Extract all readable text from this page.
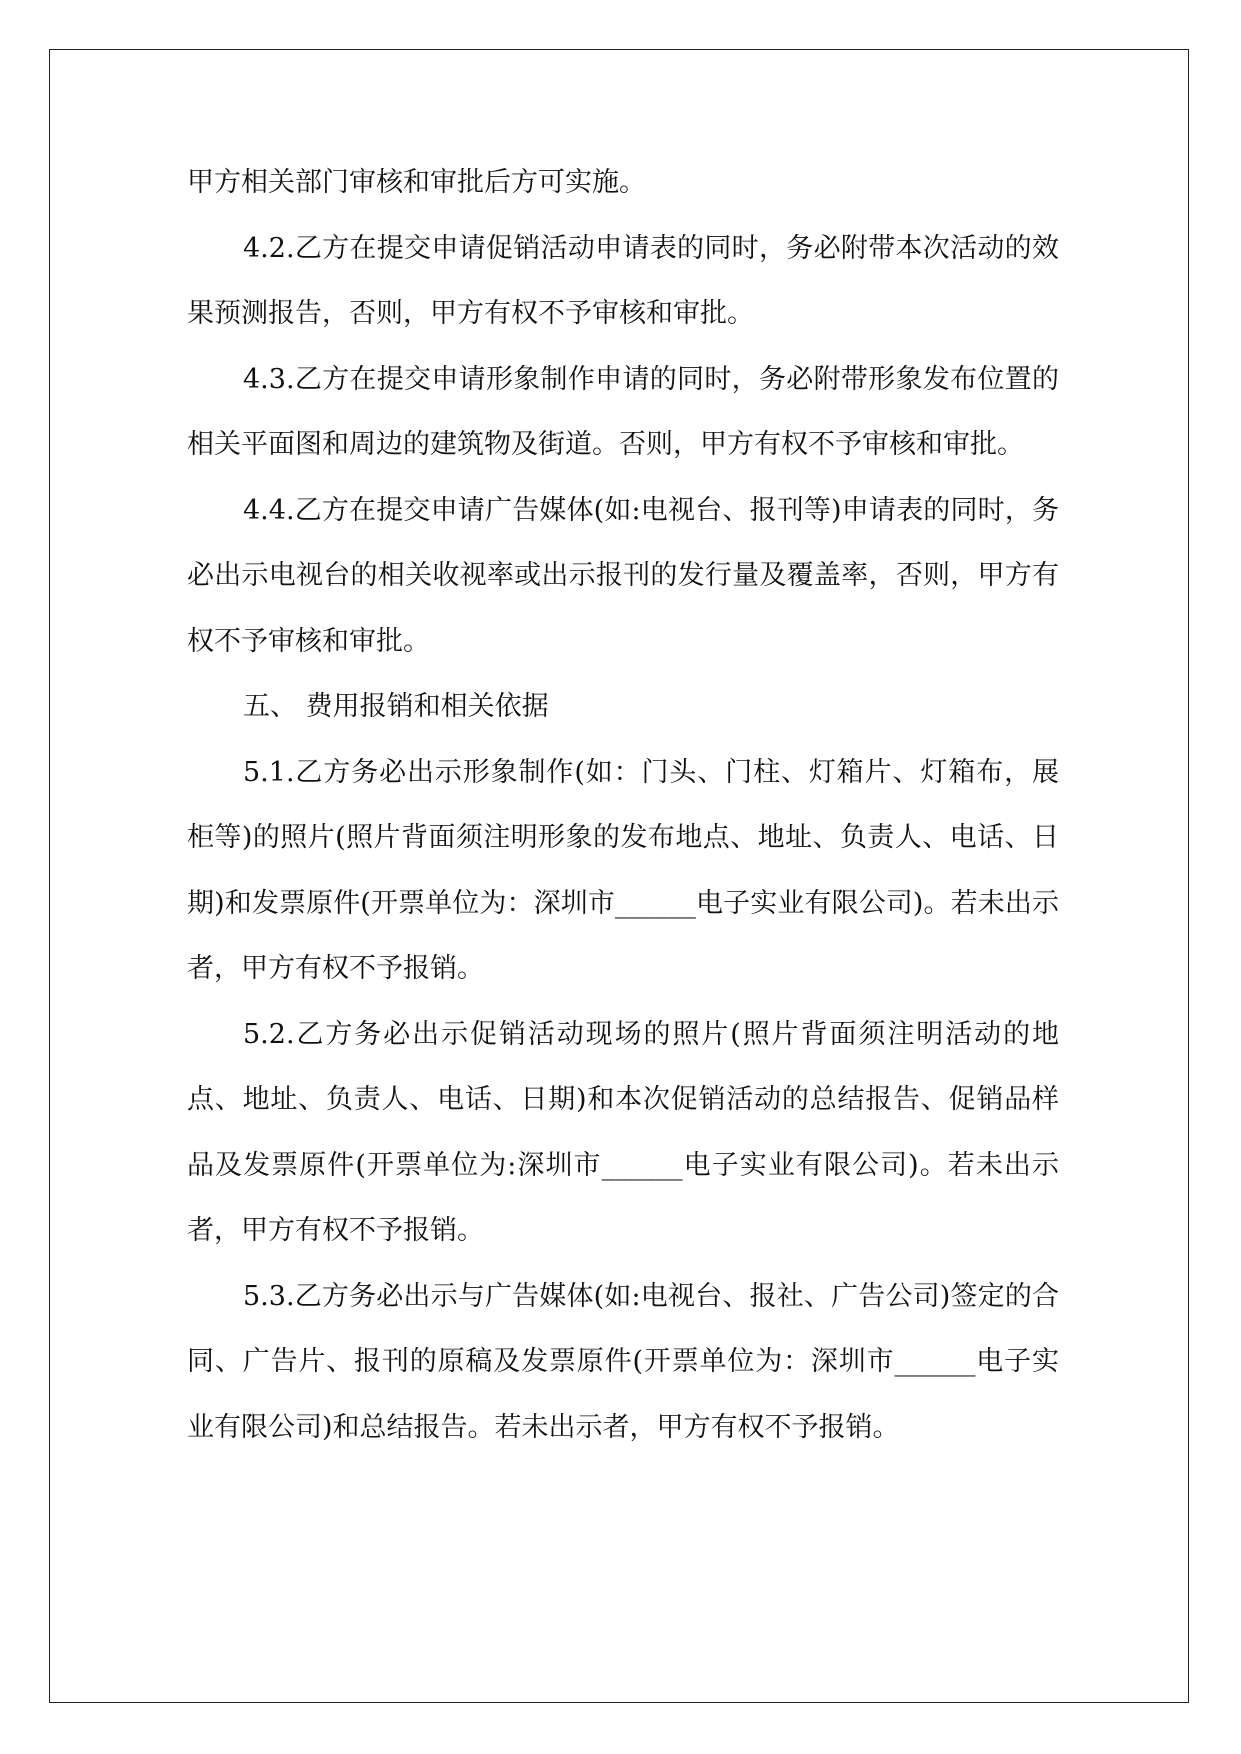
甲方相关部门审核和审批后方可实施。

4.2.乙方在提交申请促销活动申请表的同时，务必附带本次活动的效果预测报告，否则，甲方有权不予审核和审批。

4.3.乙方在提交申请形象制作申请的同时，务必附带形象发布位置的相关平面图和周边的建筑物及街道。否则，甲方有权不予审核和审批。

4.4.乙方在提交申请广告媒体(如:电视台、报刊等)申请表的同时，务必出示电视台的相关收视率或出示报刊的发行量及覆盖率，否则，甲方有权不予审核和审批。

五、 费用报销和相关依据

5.1.乙方务必出示形象制作(如：门头、门柱、灯箱片、灯箱布，展柜等)的照片(照片背面须注明形象的发布地点、地址、负责人、电话、日期)和发票原件(开票单位为：深圳市______电子实业有限公司)。若未出示者，甲方有权不予报销。

5.2.乙方务必出示促销活动现场的照片(照片背面须注明活动的地点、地址、负责人、电话、日期)和本次促销活动的总结报告、促销品样品及发票原件(开票单位为:深圳市______电子实业有限公司)。若未出示者，甲方有权不予报销。

5.3.乙方务必出示与广告媒体(如:电视台、报社、广告公司)签定的合同、广告片、报刊的原稿及发票原件(开票单位为：深圳市______电子实业有限公司)和总结报告。若未出示者，甲方有权不予报销。
